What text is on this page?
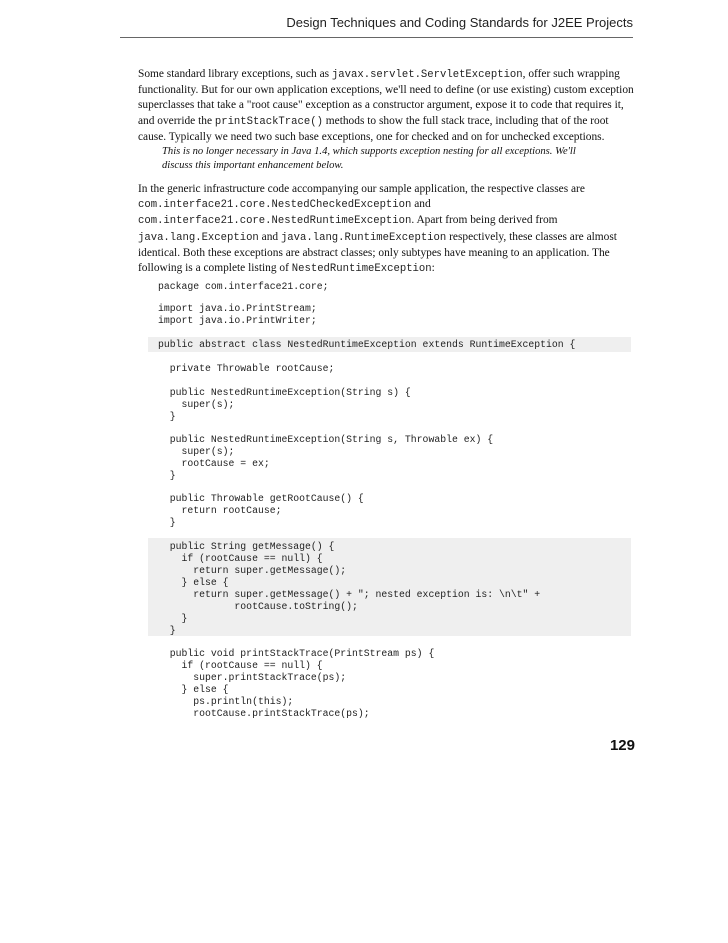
Design Techniques and Coding Standards for J2EE Projects

Some standard library exceptions, such as javax.servlet.ServletException, offer such wrapping functionality. But for our own application exceptions, we'll need to define (or use existing) custom exception superclasses that take a "root cause" exception as a constructor argument, expose it to code that requires it, and override the printStackTrace() methods to show the full stack trace, including that of the root cause. Typically we need two such base exceptions, one for checked and on for unchecked exceptions.

This is no longer necessary in Java 1.4, which supports exception nesting for all exceptions. We'll discuss this important enhancement below.

In the generic infrastructure code accompanying our sample application, the respective classes are com.interface21.core.NestedCheckedException and com.interface21.core.NestedRuntimeException. Apart from being derived from java.lang.Exception and java.lang.RuntimeException respectively, these classes are almost identical. Both these exceptions are abstract classes; only subtypes have meaning to an application. The following is a complete listing of NestedRuntimeException:

package com.interface21.core;
import java.io.PrintStream;
import java.io.PrintWriter;
public abstract class NestedRuntimeException extends RuntimeException {
private Throwable rootCause;
public NestedRuntimeException(String s) {
super(s);
}
public NestedRuntimeException(String s, Throwable ex) {
super(s);
rootCause = ex;
}
public Throwable getRootCause() {
return rootCause;
}
public String getMessage() {
if (rootCause == null) {
return super.getMessage();
} else {
return super.getMessage() + "; nested exception is: \n\t" +
rootCause.toString();
}
}
public void printStackTrace(PrintStream ps) {
if (rootCause == null) {
super.printStackTrace(ps);
} else {
ps.println(this);
rootCause.printStackTrace(ps);
129
